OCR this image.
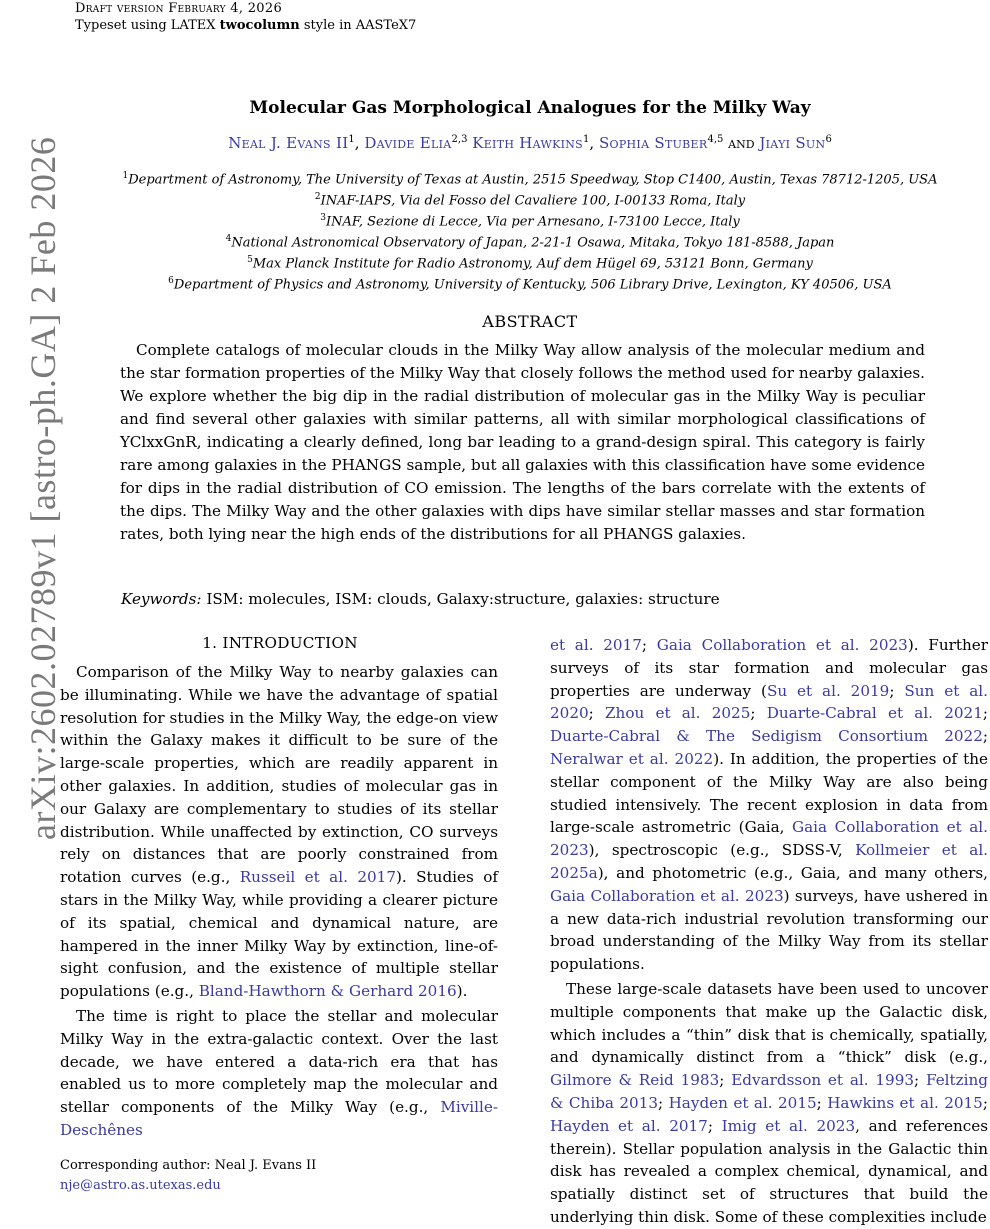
Draft version February 4, 2026
Typeset using LATEX twocolumn style in AASTeX7
arXiv:2602.02789v1 [astro-ph.GA] 2 Feb 2026
Molecular Gas Morphological Analogues for the Milky Way
Neal J. Evans $II^1$, Davide Elia$^{2,3}$ Keith Hawkins$^1$, Sophia Stuber$^{4,5}$ and Jiayi Sun$^6$
$^1$Department of Astronomy, The University of Texas at Austin, 2515 Speedway, Stop C1400, Austin, Texas 78712-1205, USA
$^2$INAF-IAPS, Via del Fosso del Cavaliere 100, I-00133 Roma, Italy
$^3$INAF, Sezione di Lecce, Via per Arnesano, I-73100 Lecce, Italy
$^4$National Astronomical Observatory of Japan, 2-21-1 Osawa, Mitaka, Tokyo 181-8588, Japan
$^5$Max Planck Institute for Radio Astronomy, Auf dem Hügel 69, 53121 Bonn, Germany
$^6$Department of Physics and Astronomy, University of Kentucky, 506 Library Drive, Lexington, KY 40506, USA
ABSTRACT
Complete catalogs of molecular clouds in the Milky Way allow analysis of the molecular medium and the star formation properties of the Milky Way that closely follows the method used for nearby galaxies. We explore whether the big dip in the radial distribution of molecular gas in the Milky Way is peculiar and find several other galaxies with similar patterns, all with similar morphological classifications of YClxxGnR, indicating a clearly defined, long bar leading to a grand-design spiral. This category is fairly rare among galaxies in the PHANGS sample, but all galaxies with this classification have some evidence for dips in the radial distribution of CO emission. The lengths of the bars correlate with the extents of the dips. The Milky Way and the other galaxies with dips have similar stellar masses and star formation rates, both lying near the high ends of the distributions for all PHANGS galaxies.
Keywords: ISM: molecules, ISM: clouds, Galaxy:structure, galaxies: structure
1. INTRODUCTION

Comparison of the Milky Way to nearby galaxies can be illuminating. While we have the advantage of spatial resolution for studies in the Milky Way, the edge-on view within the Galaxy makes it difficult to be sure of the large-scale properties, which are readily apparent in other galaxies. In addition, studies of molecular gas in our Galaxy are complementary to studies of its stellar distribution. While unaffected by extinction, CO surveys rely on distances that are poorly constrained from rotation curves (e.g., Russeil et al. 2017). Studies of stars in the Milky Way, while providing a clearer picture of its spatial, chemical and dynamical nature, are hampered in the inner Milky Way by extinction, line-of-sight confusion, and the existence of multiple stellar populations (e.g., Bland-Hawthorn & Gerhard 2016).

The time is right to place the stellar and molecular Milky Way in the extra-galactic context. Over the last decade, we have entered a data-rich era that has enabled us to more completely map the molecular and stellar components of the Milky Way (e.g., Miville-Deschênes

et al. 2017; Gaia Collaboration et al. 2023). Further surveys of its star formation and molecular gas properties are underway (Su et al. 2019; Sun et al. 2020; Zhou et al. 2025; Duarte-Cabral et al. 2021; Duarte-Cabral & The Sedigism Consortium 2022; Neralwar et al. 2022). In addition, the properties of the stellar component of the Milky Way are also being studied intensively. The recent explosion in data from large-scale astrometric (Gaia, Gaia Collaboration et al. 2023), spectroscopic (e.g., SDSS-V, Kollmeier et al. 2025a), and photometric (e.g., Gaia, and many others, Gaia Collaboration et al. 2023) surveys, have ushered in a new data-rich industrial revolution transforming our broad understanding of the Milky Way from its stellar populations.

These large-scale datasets have been used to uncover multiple components that make up the Galactic disk, which includes a “thin” disk that is chemically, spatially, and dynamically distinct from a “thick” disk (e.g., Gilmore & Reid 1983; Edvardsson et al. 1993; Feltzing & Chiba 2013; Hayden et al. 2015; Hawkins et al. 2015; Hayden et al. 2017; Imig et al. 2023, and references therein). Stellar population analysis in the Galactic thin disk has revealed a complex chemical, dynamical, and spatially distinct set of structures that build the underlying thin disk. Some of these complexities include

Corresponding author: Neal J. Evans II
nje@astro.as.utexas.edu
